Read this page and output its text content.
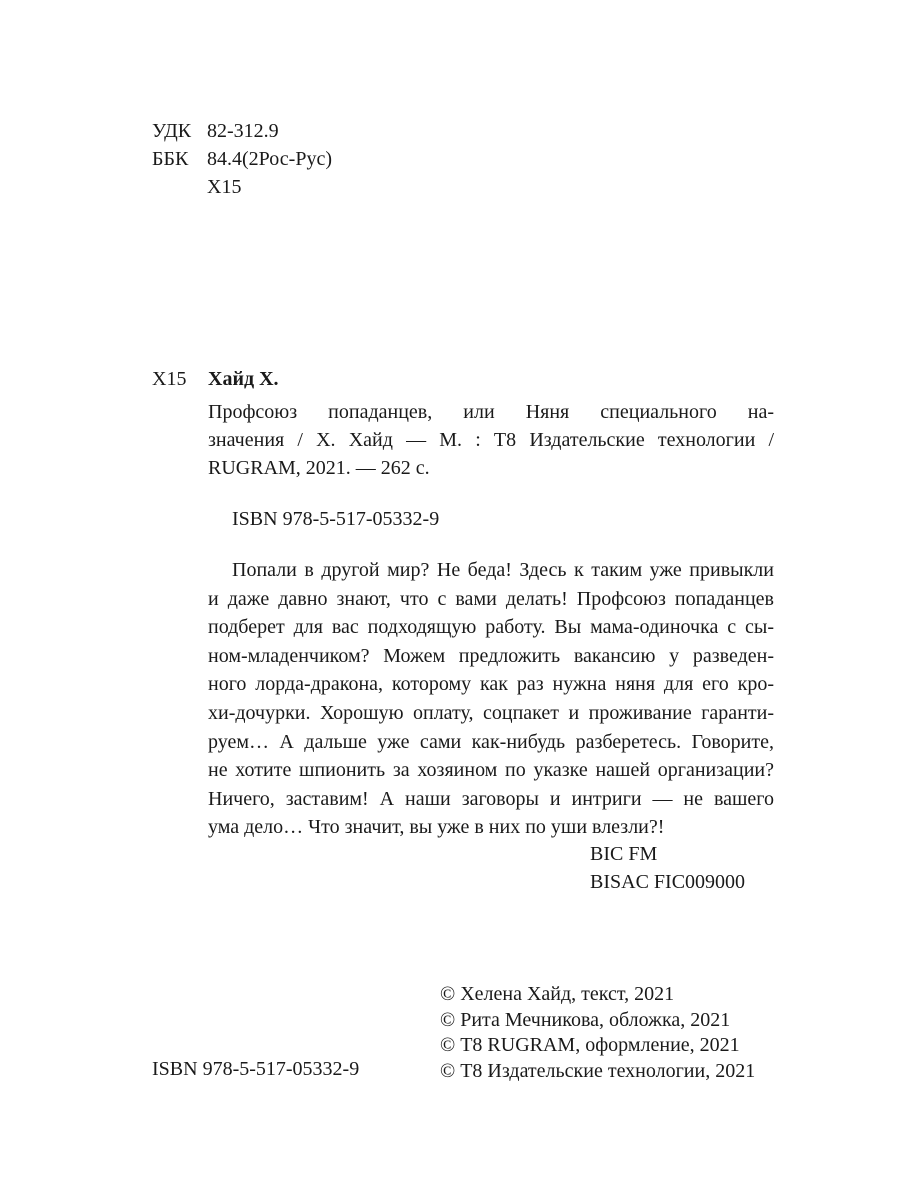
УДК 82-312.9
ББК 84.4(2Рос-Рус)
Х15
Х15 Хайд Х.
Профсоюз попаданцев, или Няня специального на-
значения / Х. Хайд — М. : Т8 Издательские технологии /
RUGRAM, 2021. — 262 с.
ISBN 978-5-517-05332-9
Попали в другой мир? Не беда! Здесь к таким уже привыкли
и даже давно знают, что с вами делать! Профсоюз попаданцев
подберет для вас подходящую работу. Вы мама-одиночка с сы-
ном-младенчиком? Можем предложить вакансию у разведен-
ного лорда-дракона, которому как раз нужна няня для его кро-
хи-дочурки. Хорошую оплату, соцпакет и проживание гаранти-
руем… А дальше уже сами как-нибудь разберетесь. Говорите,
не хотите шпионить за хозяином по указке нашей организации?
Ничего, заставим! А наши заговоры и интриги — не вашего
ума дело… Что значит, вы уже в них по уши влезли?!
BIC FM
BISAC FIC009000
© Хелена Хайд, текст, 2021
© Рита Мечникова, обложка, 2021
© Т8 RUGRAM, оформление, 2021
© Т8 Издательские технологии, 2021
ISBN 978-5-517-05332-9
